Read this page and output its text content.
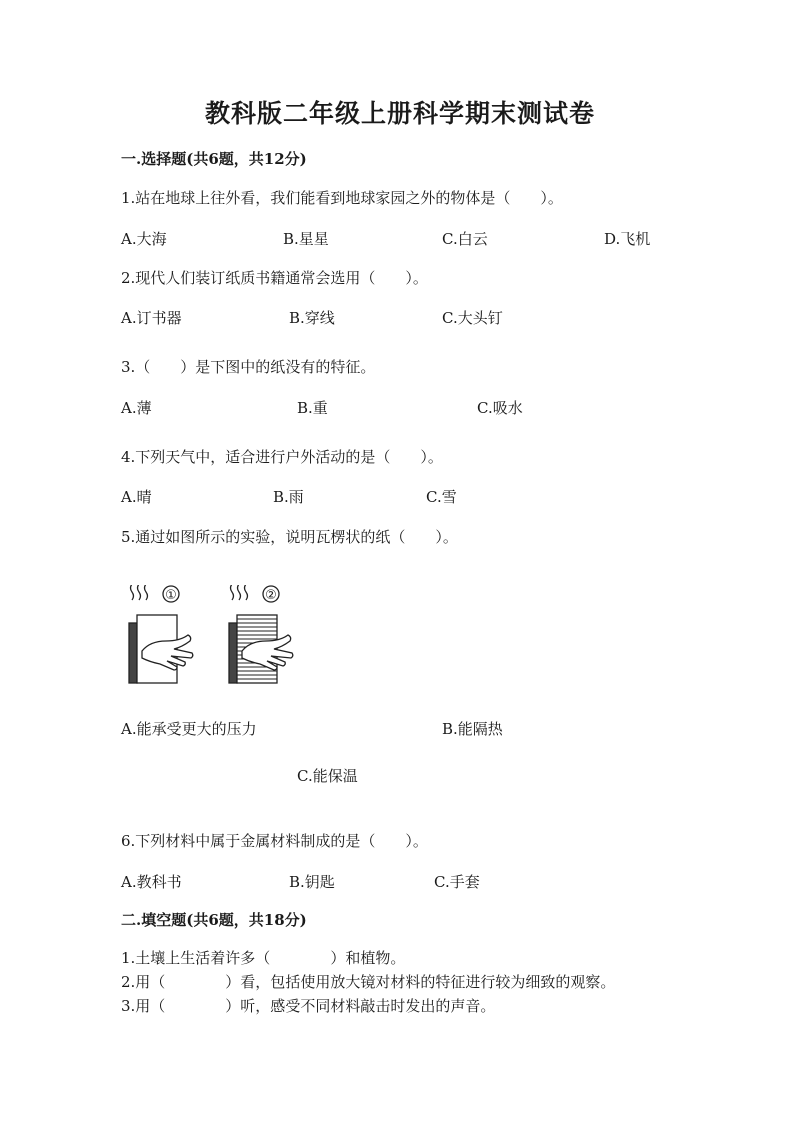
教科版二年级上册科学期末测试卷
一.选择题(共6题，共12分)
1.站在地球上往外看，我们能看到地球家园之外的物体是（　　）。
A.大海	B.星星	C.白云	D.飞机
2.现代人们装订纸质书籍通常会选用（　　）。
A.订书器	B.穿线	C.大头钉
3.（　　）是下图中的纸没有的特征。
A.薄	B.重	C.吸水
4.下列天气中，适合进行户外活动的是（　　）。
A.晴	B.雨	C.雪
5.通过如图所示的实验，说明瓦楞状的纸（　　）。
①	②
A.能承受更大的压力	B.能隔热
C.能保温
6.下列材料中属于金属材料制成的是（　　）。
A.教科书	B.钥匙	C.手套
二.填空题(共6题，共18分)
1.土壤上生活着许多（　　　　）和植物。
2.用（　　　　）看，包括使用放大镜对材料的特征进行较为细致的观察。
3.用（　　　　）听，感受不同材料敲击时发出的声音。
